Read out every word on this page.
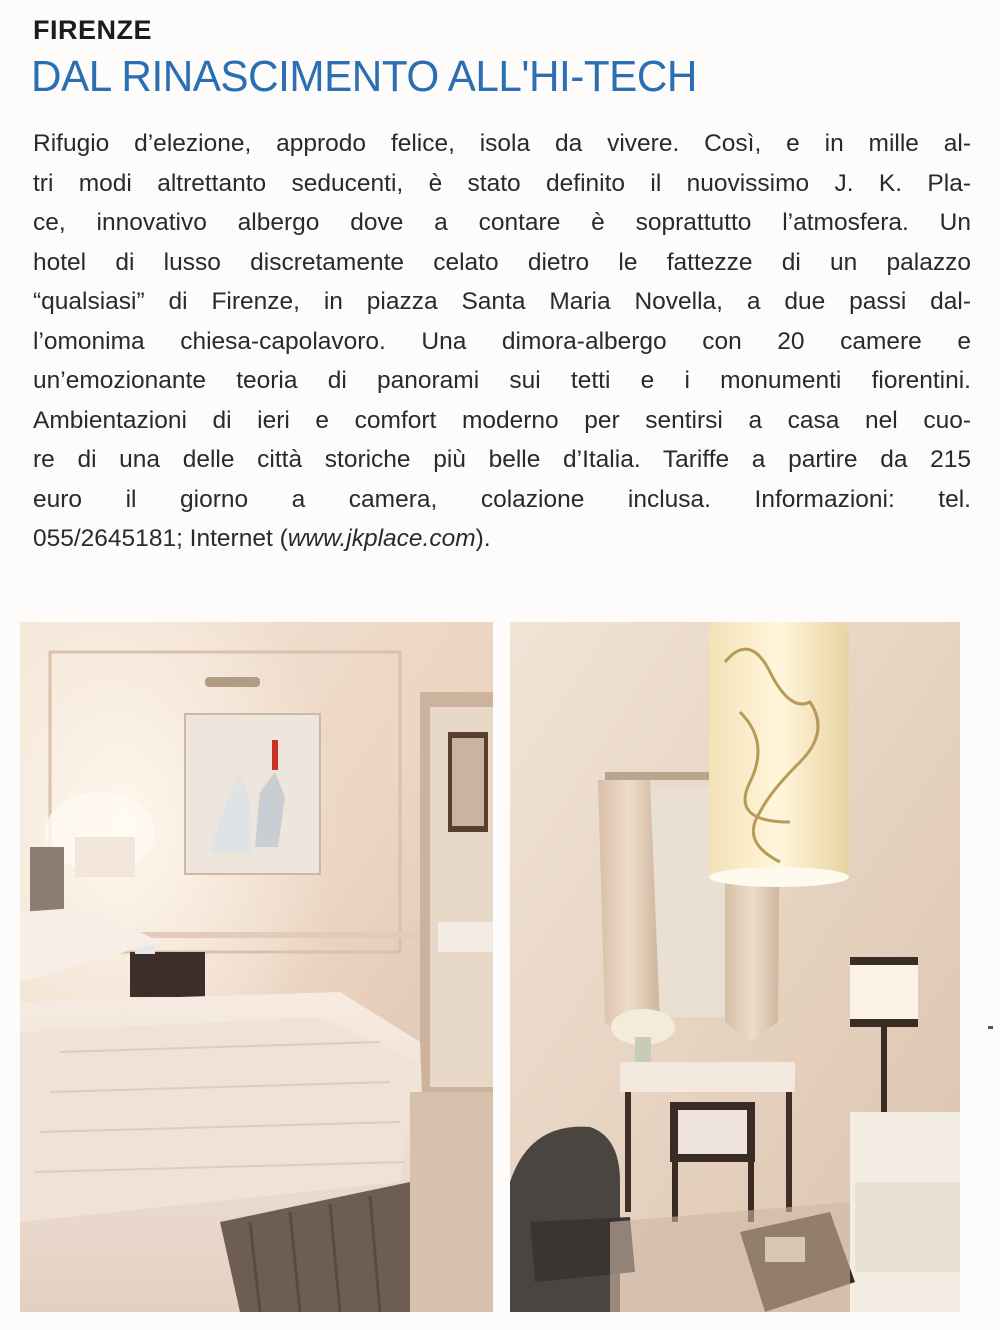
FIRENZE
DAL RINASCIMENTO ALL'HI-TECH
Rifugio d’elezione, approdo felice, isola da vivere. Così, e in mille al-
tri modi altrettanto seducenti, è stato definito il nuovissimo J. K. Pla-
ce, innovativo albergo dove a contare è soprattutto l’atmosfera. Un
hotel di lusso discretamente celato dietro le fattezze di un palazzo
“qualsiasi” di Firenze, in piazza Santa Maria Novella, a due passi dal-
l’omonima chiesa-capolavoro. Una dimora-albergo con 20 camere e
un’emozionante teoria di panorami sui tetti e i monumenti fiorentini.
Ambientazioni di ieri e comfort moderno per sentirsi a casa nel cuo-
re di una delle città storiche più belle d’Italia. Tariffe a partire da 215
euro il giorno a camera, colazione inclusa. Informazioni: tel.
055/2645181; Internet (www.jkplace.com).
